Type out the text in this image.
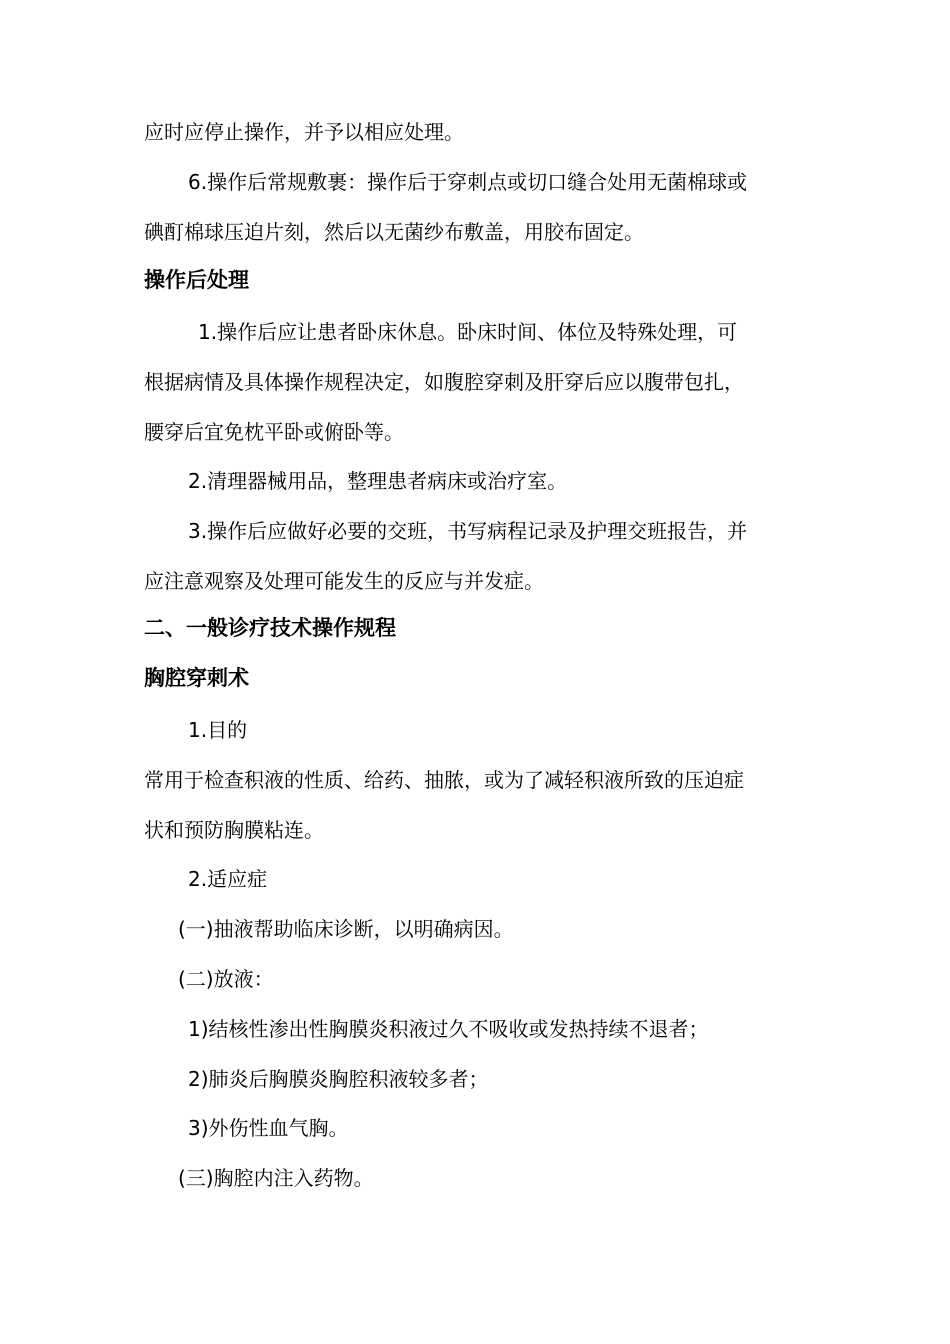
应时应停止操作，并予以相应处理。
6.操作后常规敷裹：操作后于穿刺点或切口缝合处用无菌棉球或
碘酊棉球压迫片刻，然后以无菌纱布敷盖，用胶布固定。
操作后处理
1.操作后应让患者卧床休息。卧床时间、体位及特殊处理，可
根据病情及具体操作规程决定，如腹腔穿刺及肝穿后应以腹带包扎，
腰穿后宜免枕平卧或俯卧等。
2.清理器械用品，整理患者病床或治疗室。
3.操作后应做好必要的交班，书写病程记录及护理交班报告，并
应注意观察及处理可能发生的反应与并发症。
二、一般诊疗技术操作规程
胸腔穿刺术
1.目的
常用于检查积液的性质、给药、抽脓，或为了减轻积液所致的压迫症
状和预防胸膜粘连。
2.适应症
(一)抽液帮助临床诊断，以明确病因。
(二)放液：
1)结核性渗出性胸膜炎积液过久不吸收或发热持续不退者；
2)肺炎后胸膜炎胸腔积液较多者；
3)外伤性血气胸。
(三)胸腔内注入药物。
